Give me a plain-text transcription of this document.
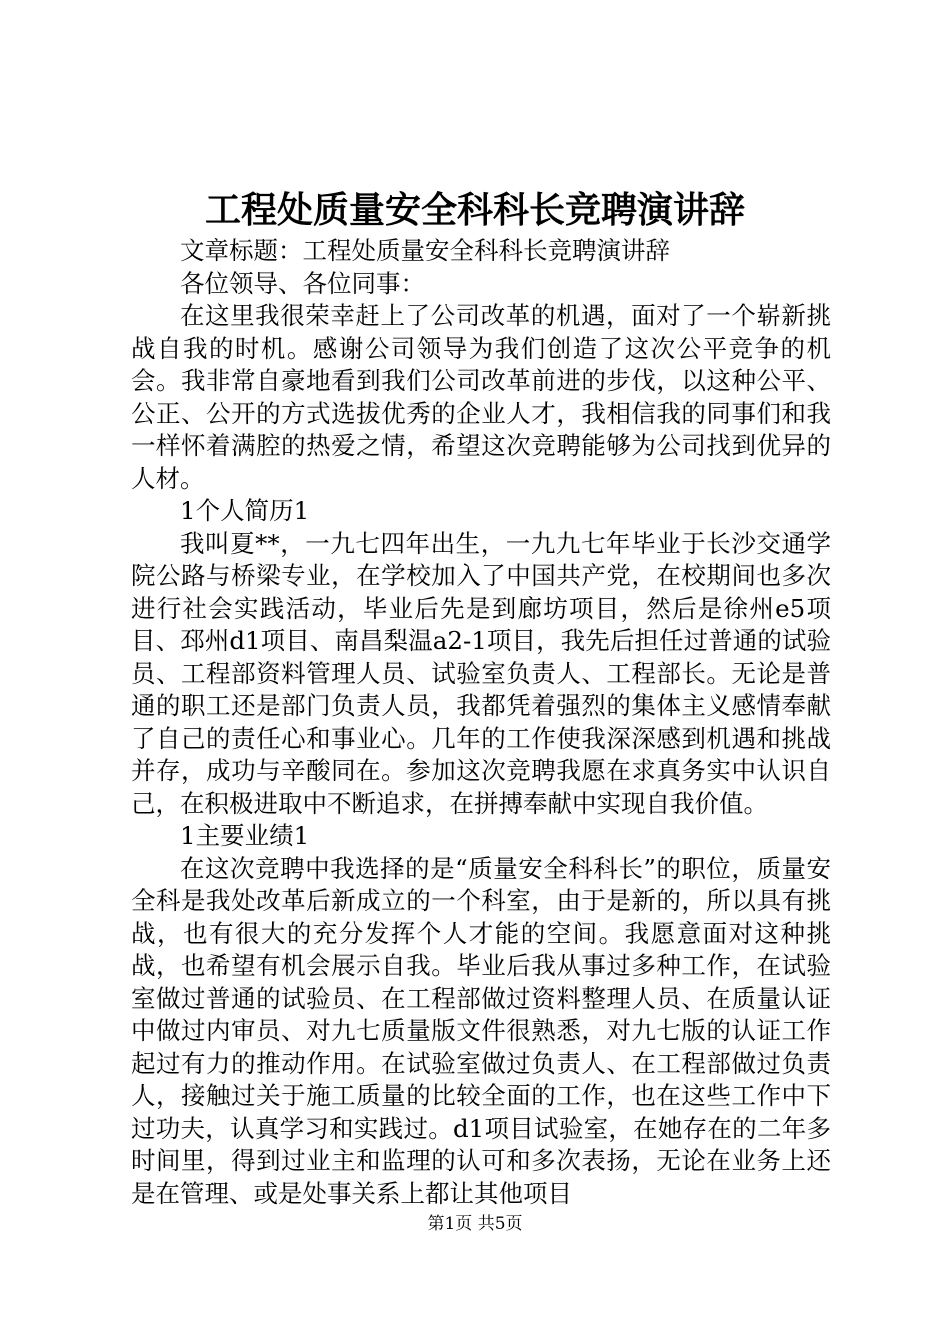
工程处质量安全科科长竞聘演讲辞

文章标题：工程处质量安全科科长竞聘演讲辞

各位领导、各位同事：

在这里我很荣幸赶上了公司改革的机遇，面对了一个崭新挑战自我的时机。感谢公司领导为我们创造了这次公平竞争的机会。我非常自豪地看到我们公司改革前进的步伐，以这种公平、公正、公开的方式选拔优秀的企业人才，我相信我的同事们和我一样怀着满腔的热爱之情，希望这次竞聘能够为公司找到优异的人材。

1个人简历1

我叫夏**，一九七四年出生，一九九七年毕业于长沙交通学院公路与桥梁专业，在学校加入了中国共产党，在校期间也多次进行社会实践活动，毕业后先是到廊坊项目，然后是徐州e5项目、邳州d1项目、南昌梨温a2-1项目，我先后担任过普通的试验员、工程部资料管理人员、试验室负责人、工程部长。无论是普通的职工还是部门负责人员，我都凭着强烈的集体主义感情奉献了自己的责任心和事业心。几年的工作使我深深感到机遇和挑战并存，成功与辛酸同在。参加这次竞聘我愿在求真务实中认识自己，在积极进取中不断追求，在拼搏奉献中实现自我价值。

1主要业绩1

在这次竞聘中我选择的是“质量安全科科长”的职位，质量安全科是我处改革后新成立的一个科室，由于是新的，所以具有挑战，也有很大的充分发挥个人才能的空间。我愿意面对这种挑战，也希望有机会展示自我。毕业后我从事过多种工作，在试验室做过普通的试验员、在工程部做过资料整理人员、在质量认证中做过内审员、对九七质量版文件很熟悉，对九七版的认证工作起过有力的推动作用。在试验室做过负责人、在工程部做过负责人，接触过关于施工质量的比较全面的工作，也在这些工作中下过功夫，认真学习和实践过。d1项目试验室，在她存在的二年多时间里，得到过业主和监理的认可和多次表扬，无论在业务上还是在管理、或是处事关系上都让其他项目

第1页 共5页
